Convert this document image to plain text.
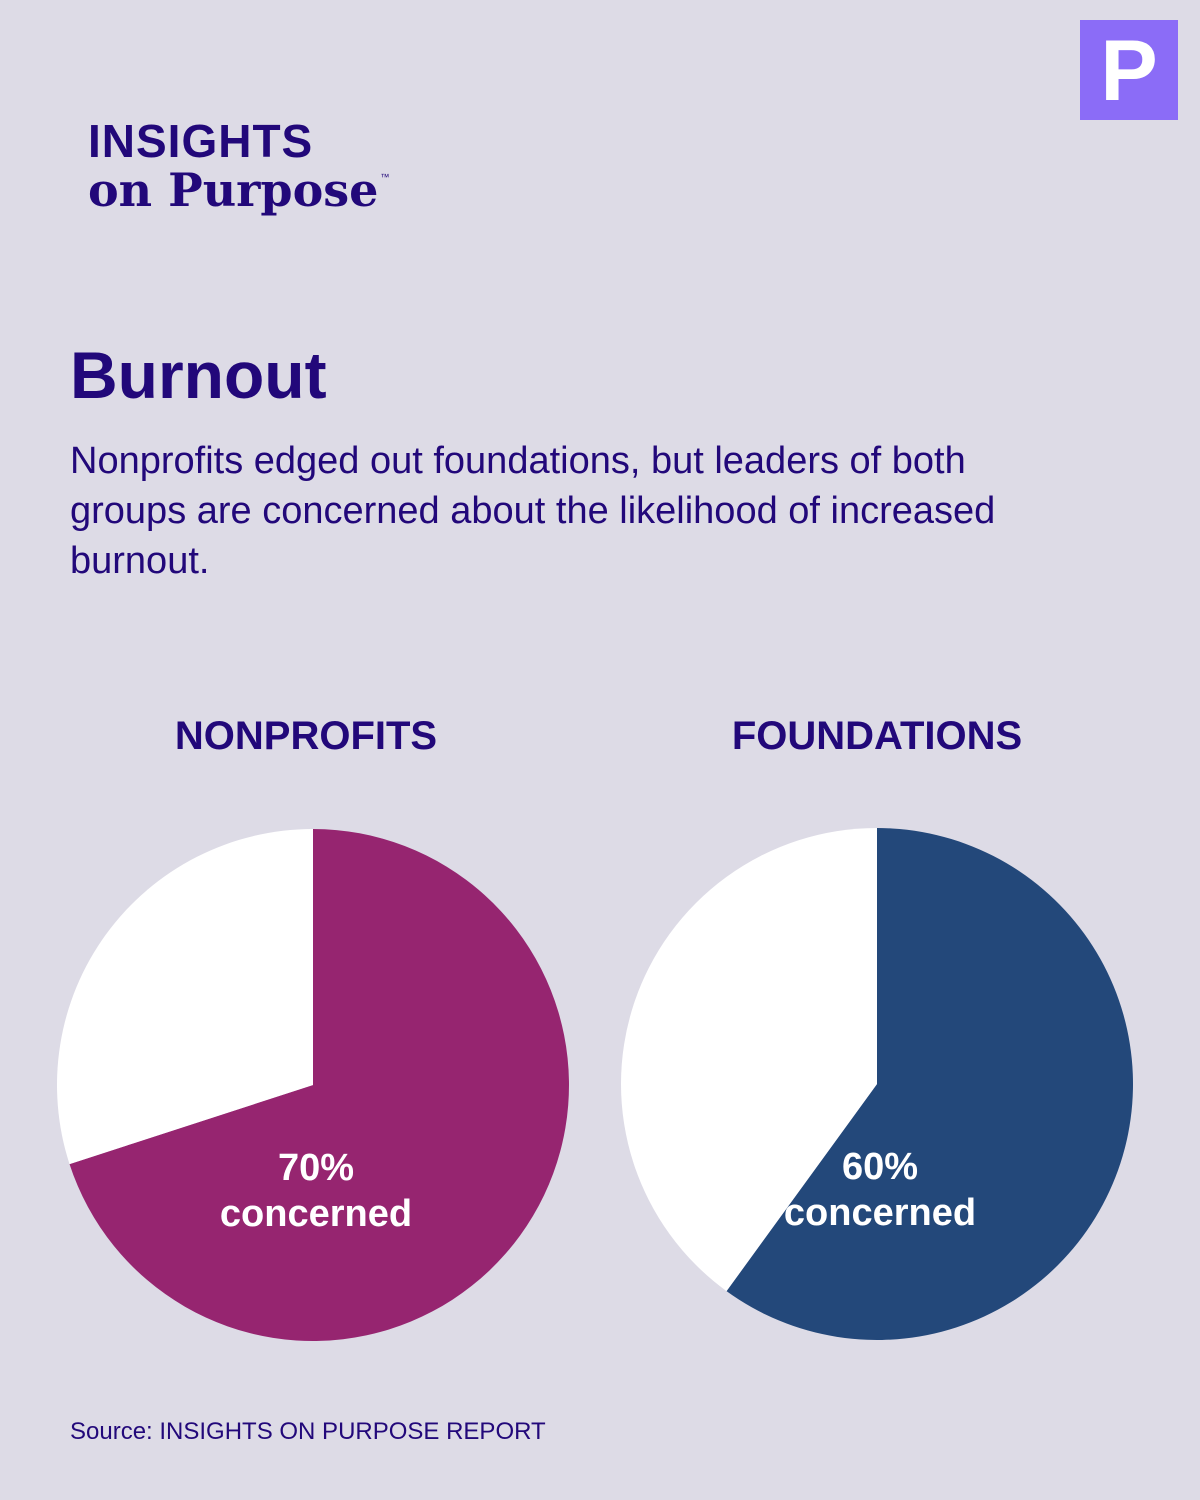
P
INSIGHTS
on Purpose ™
Burnout
Nonprofits edged out foundations, but leaders of both groups are concerned about the likelihood of increased burnout.
NONPROFITS	FOUNDATIONS
70%
concerned
60%
concerned
Source: INSIGHTS ON PURPOSE REPORT
